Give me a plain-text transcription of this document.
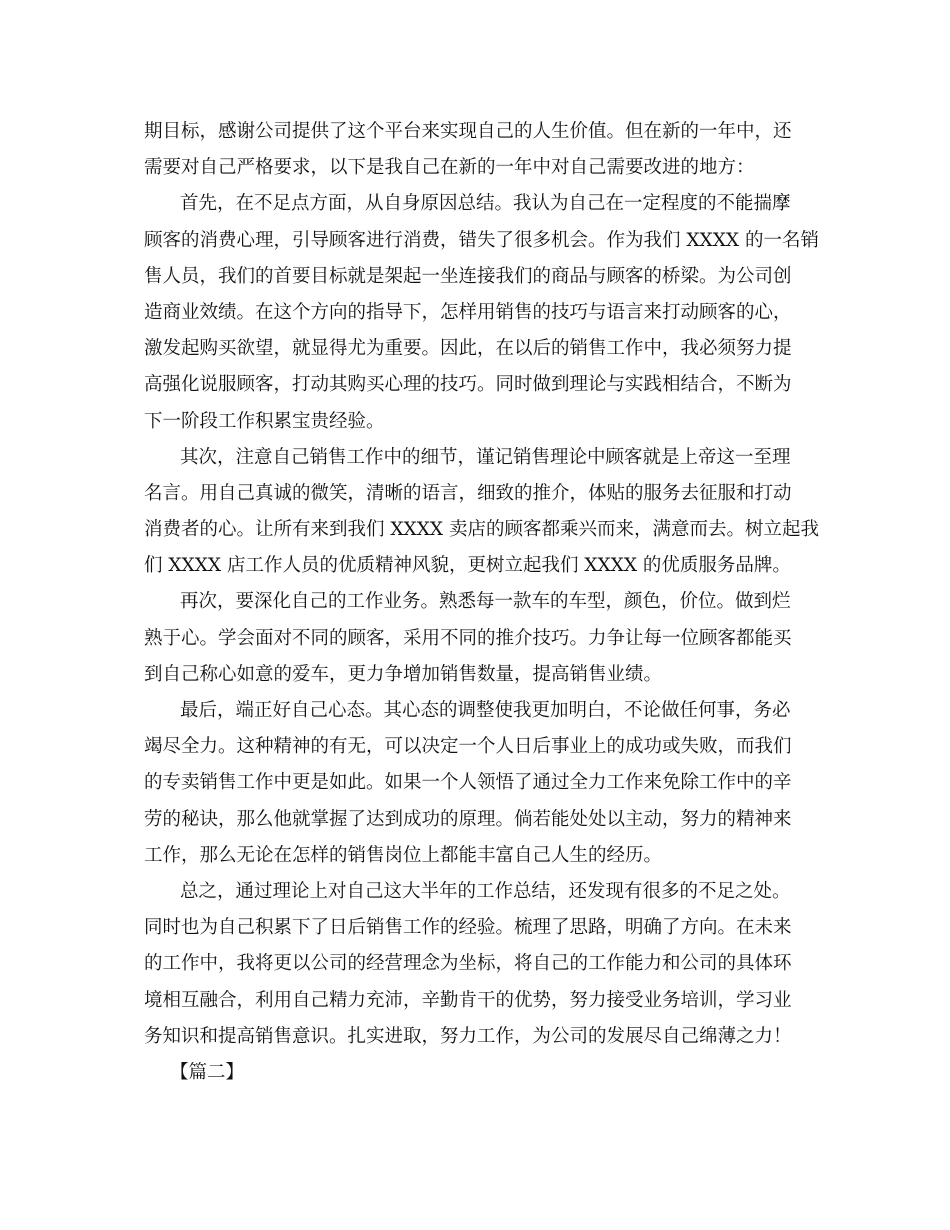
期目标，感谢公司提供了这个平台来实现自己的人生价值。但在新的一年中，还
需要对自己严格要求，以下是我自己在新的一年中对自己需要改进的地方：
首先，在不足点方面，从自身原因总结。我认为自己在一定程度的不能揣摩
顾客的消费心理，引导顾客进行消费，错失了很多机会。作为我们 XXXX 的一名销
售人员，我们的首要目标就是架起一坐连接我们的商品与顾客的桥梁。为公司创
造商业效绩。在这个方向的指导下，怎样用销售的技巧与语言来打动顾客的心，
激发起购买欲望，就显得尤为重要。因此，在以后的销售工作中，我必须努力提
高强化说服顾客，打动其购买心理的技巧。同时做到理论与实践相结合，不断为
下一阶段工作积累宝贵经验。
其次，注意自己销售工作中的细节，谨记销售理论中顾客就是上帝这一至理
名言。用自己真诚的微笑，清晰的语言，细致的推介，体贴的服务去征服和打动
消费者的心。让所有来到我们 XXXX 卖店的顾客都乘兴而来，满意而去。树立起我
们 XXXX 店工作人员的优质精神风貌，更树立起我们 XXXX 的优质服务品牌。
再次，要深化自己的工作业务。熟悉每一款车的车型，颜色，价位。做到烂
熟于心。学会面对不同的顾客，采用不同的推介技巧。力争让每一位顾客都能买
到自己称心如意的爱车，更力争增加销售数量，提高销售业绩。
最后，端正好自己心态。其心态的调整使我更加明白，不论做任何事，务必
竭尽全力。这种精神的有无，可以决定一个人日后事业上的成功或失败，而我们
的专卖销售工作中更是如此。如果一个人领悟了通过全力工作来免除工作中的辛
劳的秘诀，那么他就掌握了达到成功的原理。倘若能处处以主动，努力的精神来
工作，那么无论在怎样的销售岗位上都能丰富自己人生的经历。
总之，通过理论上对自己这大半年的工作总结，还发现有很多的不足之处。
同时也为自己积累下了日后销售工作的经验。梳理了思路，明确了方向。在未来
的工作中，我将更以公司的经营理念为坐标，将自己的工作能力和公司的具体环
境相互融合，利用自己精力充沛，辛勤肯干的优势，努力接受业务培训，学习业
务知识和提高销售意识。扎实进取，努力工作，为公司的发展尽自己绵薄之力！
【篇二】
